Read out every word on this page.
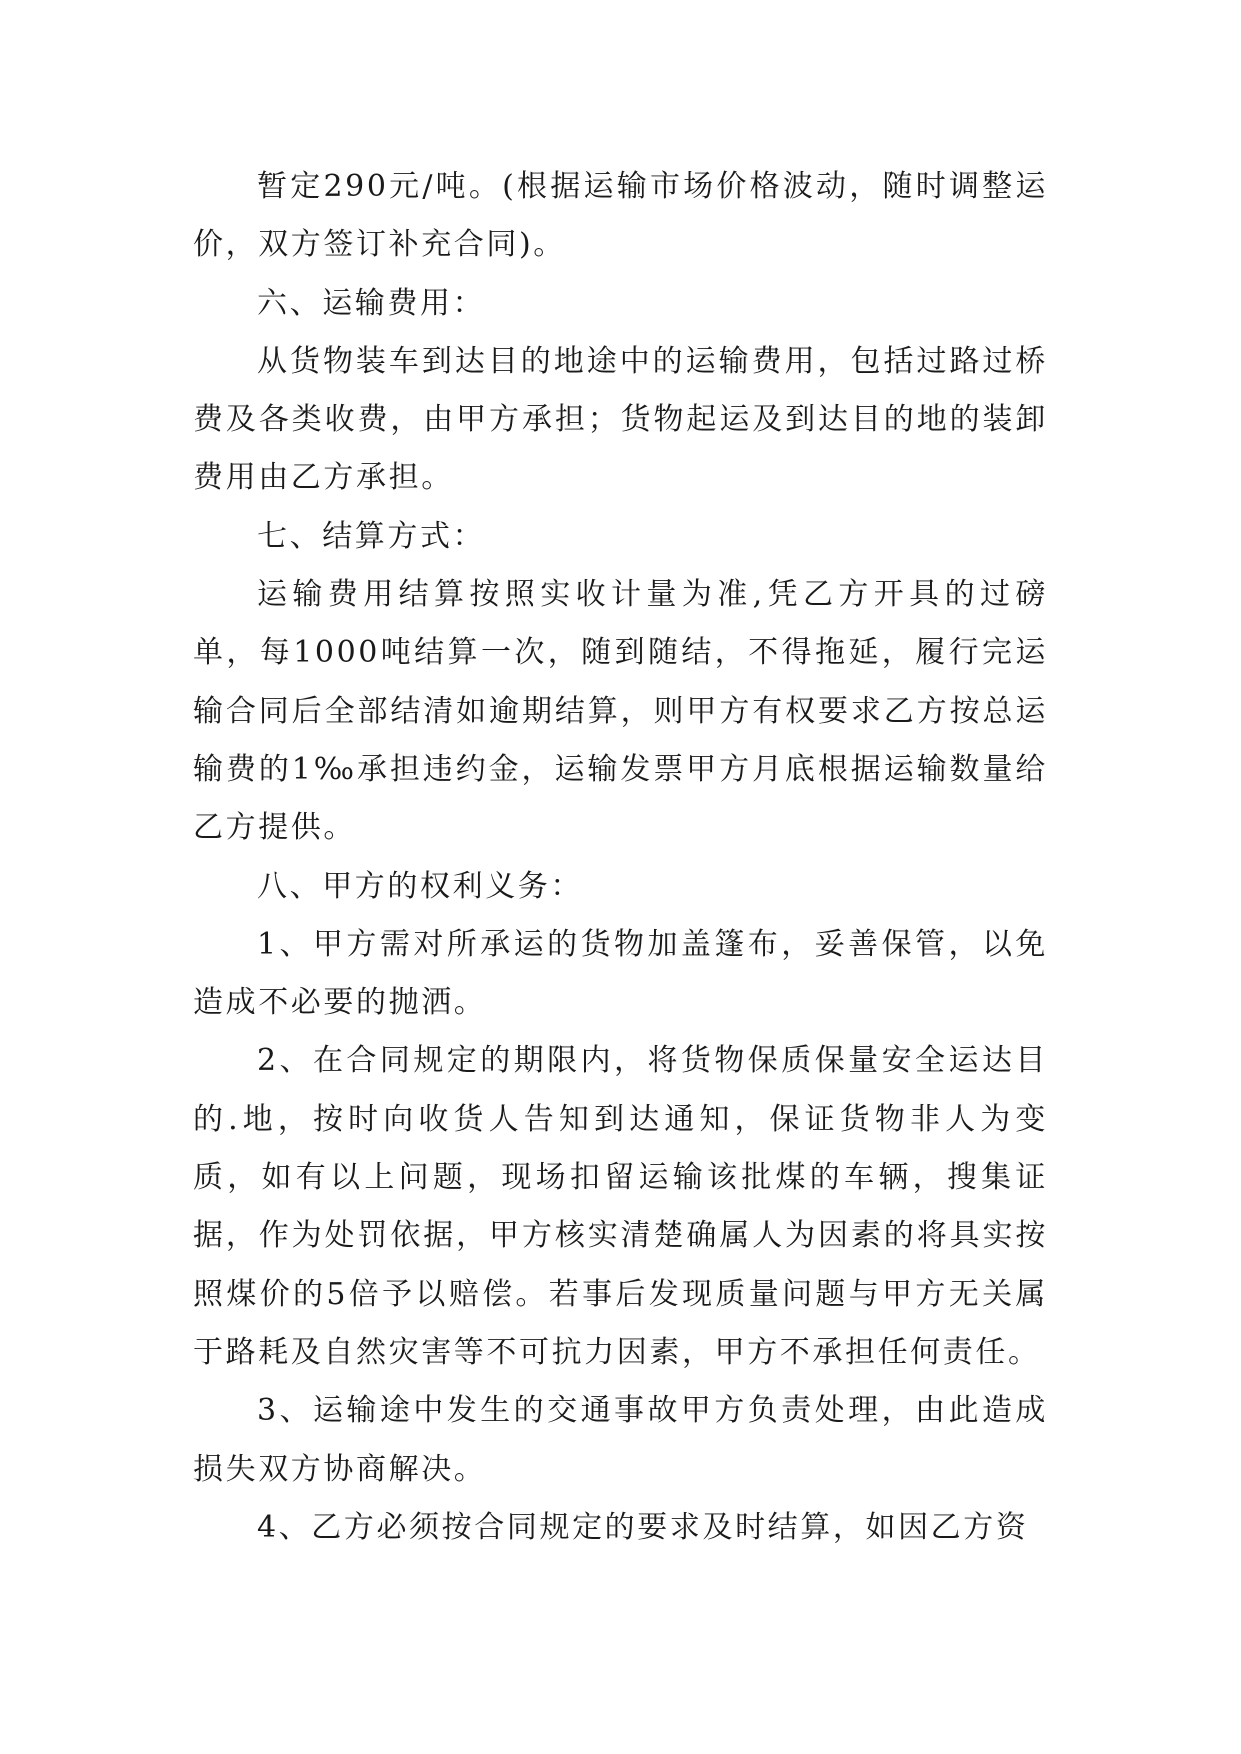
暂定290元/吨。(根据运输市场价格波动，随时调整运价，双方签订补充合同)。

六、运输费用：

从货物装车到达目的地途中的运输费用，包括过路过桥费及各类收费，由甲方承担；货物起运及到达目的地的装卸费用由乙方承担。

七、结算方式：

运输费用结算按照实收计量为准,凭乙方开具的过磅单，每1000吨结算一次，随到随结，不得拖延，履行完运输合同后全部结清如逾期结算，则甲方有权要求乙方按总运输费的1‰承担违约金，运输发票甲方月底根据运输数量给乙方提供。

八、甲方的权利义务：

1、甲方需对所承运的货物加盖篷布，妥善保管，以免造成不必要的抛洒。

2、在合同规定的期限内，将货物保质保量安全运达目的.地，按时向收货人告知到达通知，保证货物非人为变质，如有以上问题，现场扣留运输该批煤的车辆，搜集证据，作为处罚依据，甲方核实清楚确属人为因素的将具实按照煤价的5倍予以赔偿。若事后发现质量问题与甲方无关属于路耗及自然灾害等不可抗力因素，甲方不承担任何责任。

3、运输途中发生的交通事故甲方负责处理，由此造成损失双方协商解决。

4、乙方必须按合同规定的要求及时结算，如因乙方资
